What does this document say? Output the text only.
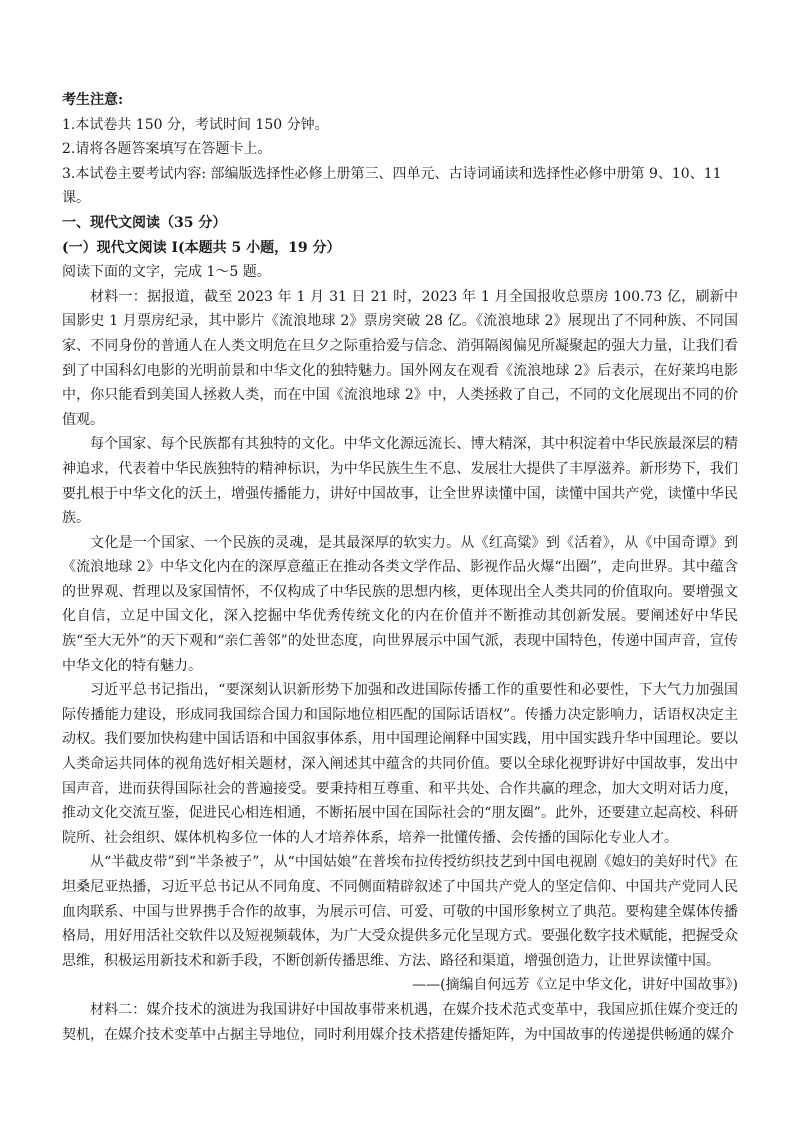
考生注意:

1.本试卷共 150 分，考试时间 150 分钟。

2.请将各题答案填写在答题卡上。

3.本试卷主要考试内容: 部编版选择性必修上册第三、四单元、古诗词诵读和选择性必修中册第 9、10、11 课。

一、现代文阅读（35 分）

(一）现代文阅读 I(本题共 5 小题，19 分）

阅读下面的文字，完成 1～5 题。

材料一：据报道，截至 2023 年 1 月 31 日 21 时，2023 年 1 月全国报收总票房 100.73 亿，刷新中国影史 1 月票房纪录，其中影片《流浪地球 2》票房突破 28 亿。《流浪地球 2》展现出了不同种族、不同国家、不同身份的普通人在人类文明危在旦夕之际重拾爱与信念、消弭隔阂偏见所凝聚起的强大力量，让我们看到了中国科幻电影的光明前景和中华文化的独特魅力。国外网友在观看《流浪地球 2》后表示，在好莱坞电影中，你只能看到美国人拯救人类，而在中国《流浪地球 2》中，人类拯救了自己，不同的文化展现出不同的价值观。

每个国家、每个民族都有其独特的文化。中华文化源远流长、博大精深，其中积淀着中华民族最深层的精神追求，代表着中华民族独特的精神标识，为中华民族生生不息、发展壮大提供了丰厚滋养。新形势下，我们要扎根于中华文化的沃土，增强传播能力，讲好中国故事，让全世界读懂中国，读懂中国共产党，读懂中华民族。

文化是一个国家、一个民族的灵魂，是其最深厚的软实力。从《红高粱》到《活着》，从《中国奇谭》到《流浪地球 2》中华文化内在的深厚意蕴正在推动各类文学作品、影视作品火爆“出圈”，走向世界。其中蕴含的世界观、哲理以及家国情怀，不仅构成了中华民族的思想内核，更体现出全人类共同的价值取向。要增强文化自信，立足中国文化，深入挖掘中华优秀传统文化的内在价值并不断推动其创新发展。要阐述好中华民族“至大无外”的天下观和“亲仁善邻”的处世态度，向世界展示中国气派，表现中国特色，传递中国声音，宣传中华文化的特有魅力。

习近平总书记指出，“要深刻认识新形势下加强和改进国际传播工作的重要性和必要性，下大气力加强国际传播能力建设，形成同我国综合国力和国际地位相匹配的国际话语权”。传播力决定影响力，话语权决定主动权。我们要加快构建中国话语和中国叙事体系，用中国理论阐释中国实践，用中国实践升华中国理论。要以人类命运共同体的视角选好相关题材，深入阐述其中蕴含的共同价值。要以全球化视野讲好中国故事，发出中国声音，进而获得国际社会的普遍接受。要秉持相互尊重、和平共处、合作共赢的理念，加大文明对话力度，推动文化交流互鉴，促进民心相连相通，不断拓展中国在国际社会的“朋友圈”。此外，还要建立起高校、科研院所、社会组织、媒体机构多位一体的人才培养体系，培养一批懂传播、会传播的国际化专业人才。

从“半截皮带”到“半条被子”，从“中国姑娘”在普埃布拉传授纺织技艺到中国电视剧《媳妇的美好时代》在坦桑尼亚热播，习近平总书记从不同角度、不同侧面精辟叙述了中国共产党人的坚定信仰、中国共产党同人民血肉联系、中国与世界携手合作的故事，为展示可信、可爱、可敬的中国形象树立了典范。要构建全媒体传播格局，用好用活社交软件以及短视频载体，为广大受众提供多元化呈现方式。要强化数字技术赋能，把握受众思维，积极运用新技术和新手段，不断创新传播思维、方法、路径和渠道，增强创造力，让世界读懂中国。

——(摘编自何远芳《立足中华文化，讲好中国故事》)

材料二：媒介技术的演进为我国讲好中国故事带来机遇，在媒介技术范式变革中，我国应抓住媒介变迁的契机，在媒介技术变革中占据主导地位，同时利用媒介技术搭建传播矩阵，为中国故事的传递提供畅通的媒介
